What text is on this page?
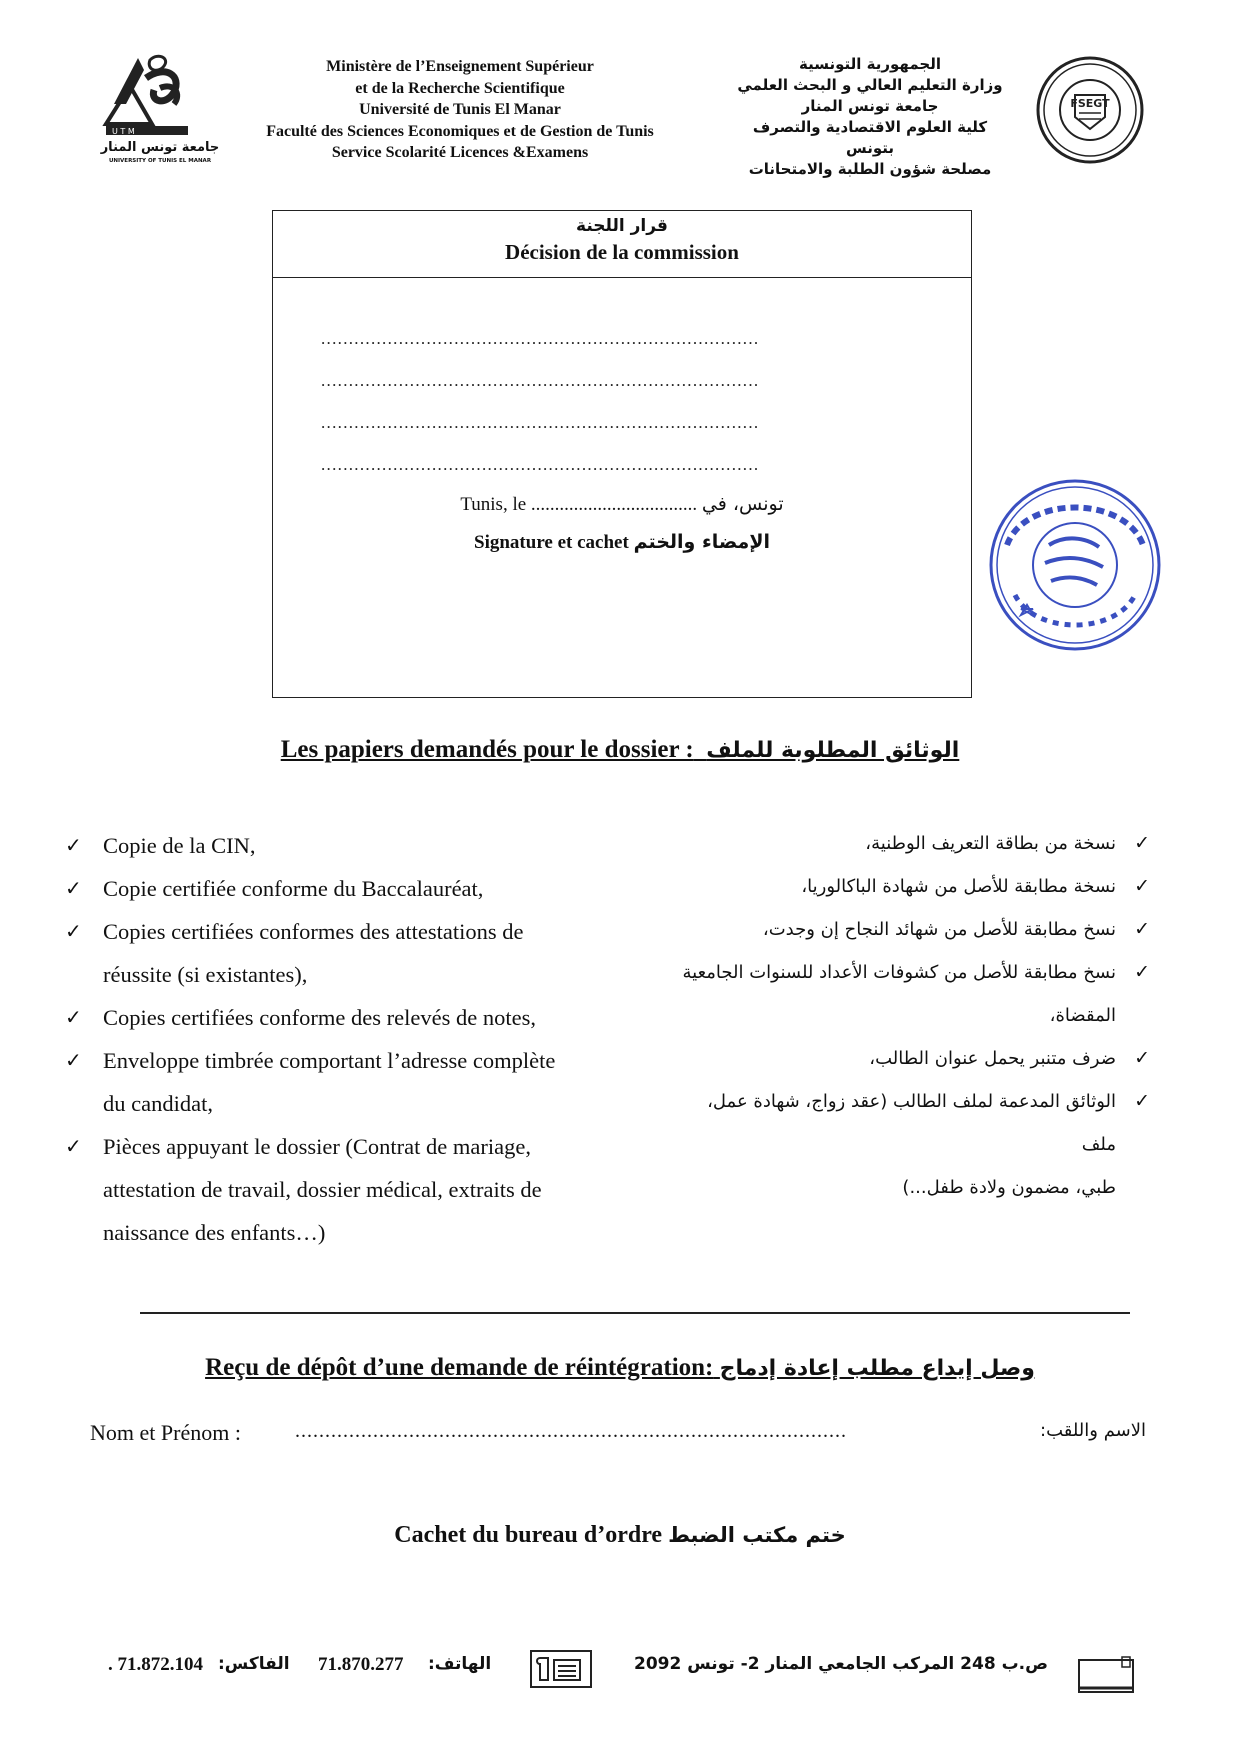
U T M
جامعة تونس المنار
UNIVERSITY OF TUNIS EL MANAR
Ministère de l’Enseignement Supérieur
et de la Recherche Scientifique
Université de Tunis El Manar
Faculté des Sciences Economiques et de Gestion de Tunis
Service Scolarité Licences &Examens
الجمهورية التونسية
وزارة التعليم العالي و البحث العلمي
جامعة تونس المنار
كلية العلوم الاقتصادية والتصرف بتونس
مصلحة شؤون الطلبة والامتحانات
FSEGT
قرار اللجنة
Décision de la commission
...............................................................................
...............................................................................
...............................................................................
...............................................................................
Tunis, le ................................... تونس، في
Signature et cachet الإمضاء والختم
Les papiers demandés pour le dossier : الوثائق المطلوبة للملف
✓ Copie de la CIN,
✓ Copie certifiée conforme du Baccalauréat,
✓ Copies certifiées conformes des attestations de
réussite (si existantes),
✓ Copies certifiées conforme des relevés de notes,
✓ Enveloppe timbrée comportant l’adresse complète
du candidat,
✓ Pièces appuyant le dossier (Contrat de mariage,
attestation de travail, dossier médical, extraits de
naissance des enfants…)
✓
نسخة من بطاقة التعريف الوطنية،
✓
نسخة مطابقة للأصل من شهادة الباكالوريا،
✓
نسخ مطابقة للأصل من شهائد النجاح إن وجدت،
✓
نسخ مطابقة للأصل من كشوفات الأعداد للسنوات الجامعية
المقضاة،
✓
ضرف متنبر يحمل عنوان الطالب،
✓
الوثائق المدعمة لملف الطالب (عقد زواج، شهادة عمل، ملف
طبي، مضمون ولادة طفل...)
Reçu de dépôt d’une demande de réintégration: وصل إيداع مطلب إعادة إدماج
Nom et Prénom :	............................................................................................	الاسم واللقب:
Cachet du bureau d’ordre ختم مكتب الضبط
. 71.872.104 الفاكس: 71.870.277 الهاتف:	ص.ب 248 المركب الجامعي المنار 2- تونس 2092
